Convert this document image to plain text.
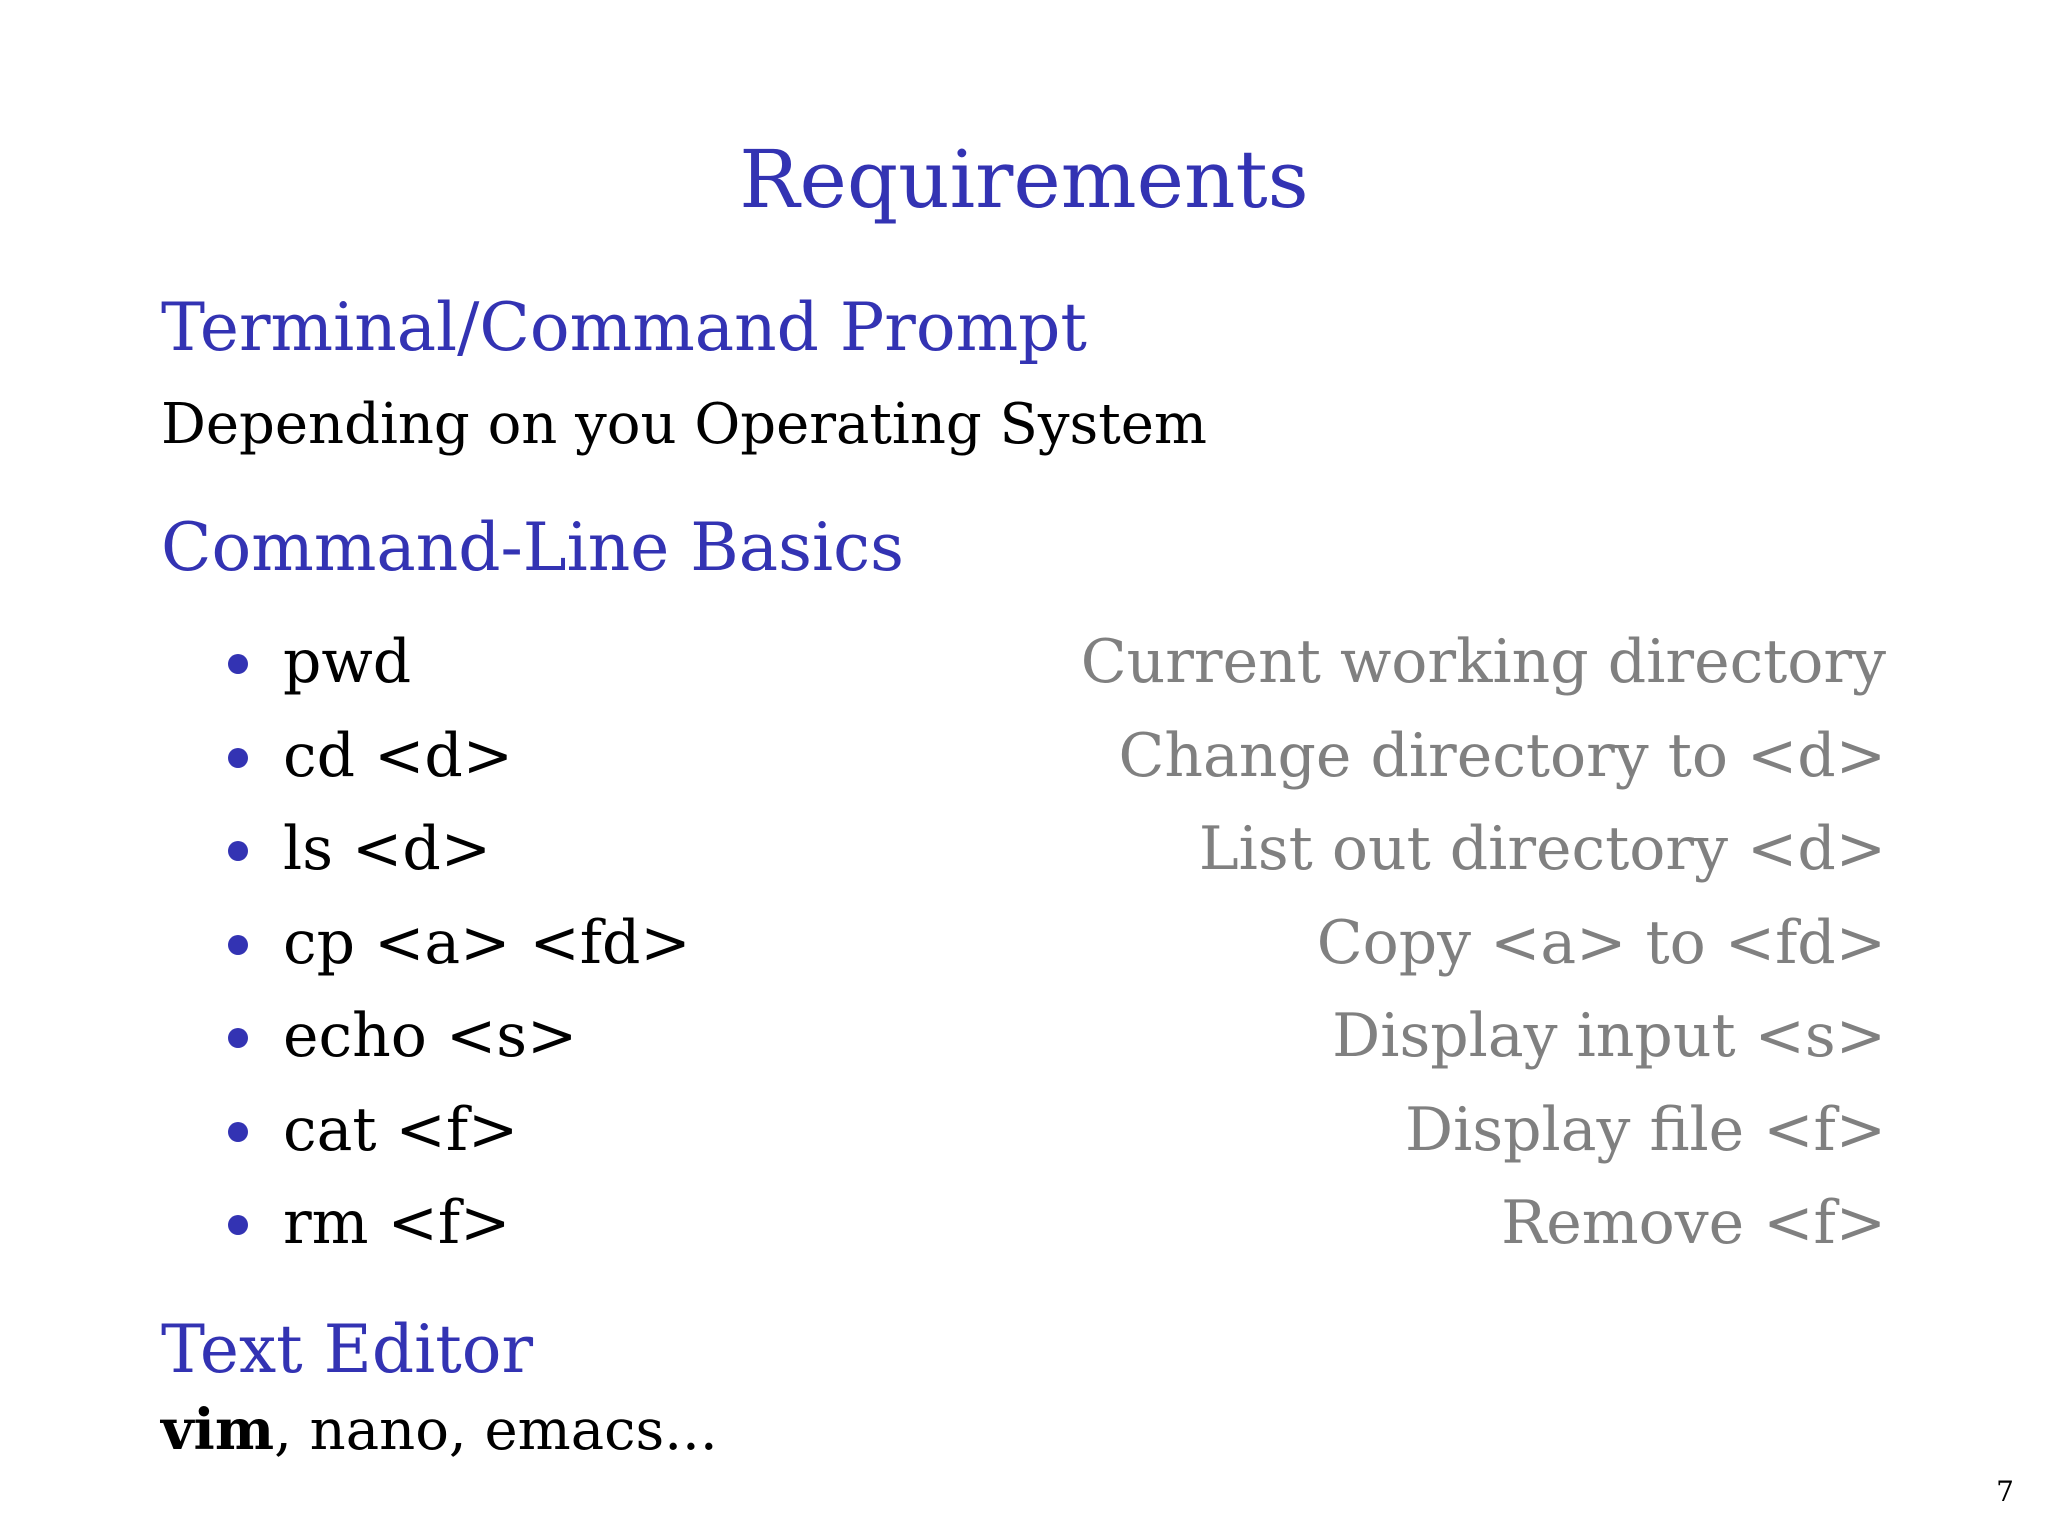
Requirements
Terminal/Command Prompt
Depending on you Operating System
Command-Line Basics
pwd	Current working directory
cd <d>	Change directory to <d>
ls <d>	List out directory <d>
cp <a> <fd>	Copy <a> to <fd>
echo <s>	Display input <s>
cat <f>	Display file <f>
rm <f>	Remove <f>
Text Editor
vim, nano, emacs...
7
